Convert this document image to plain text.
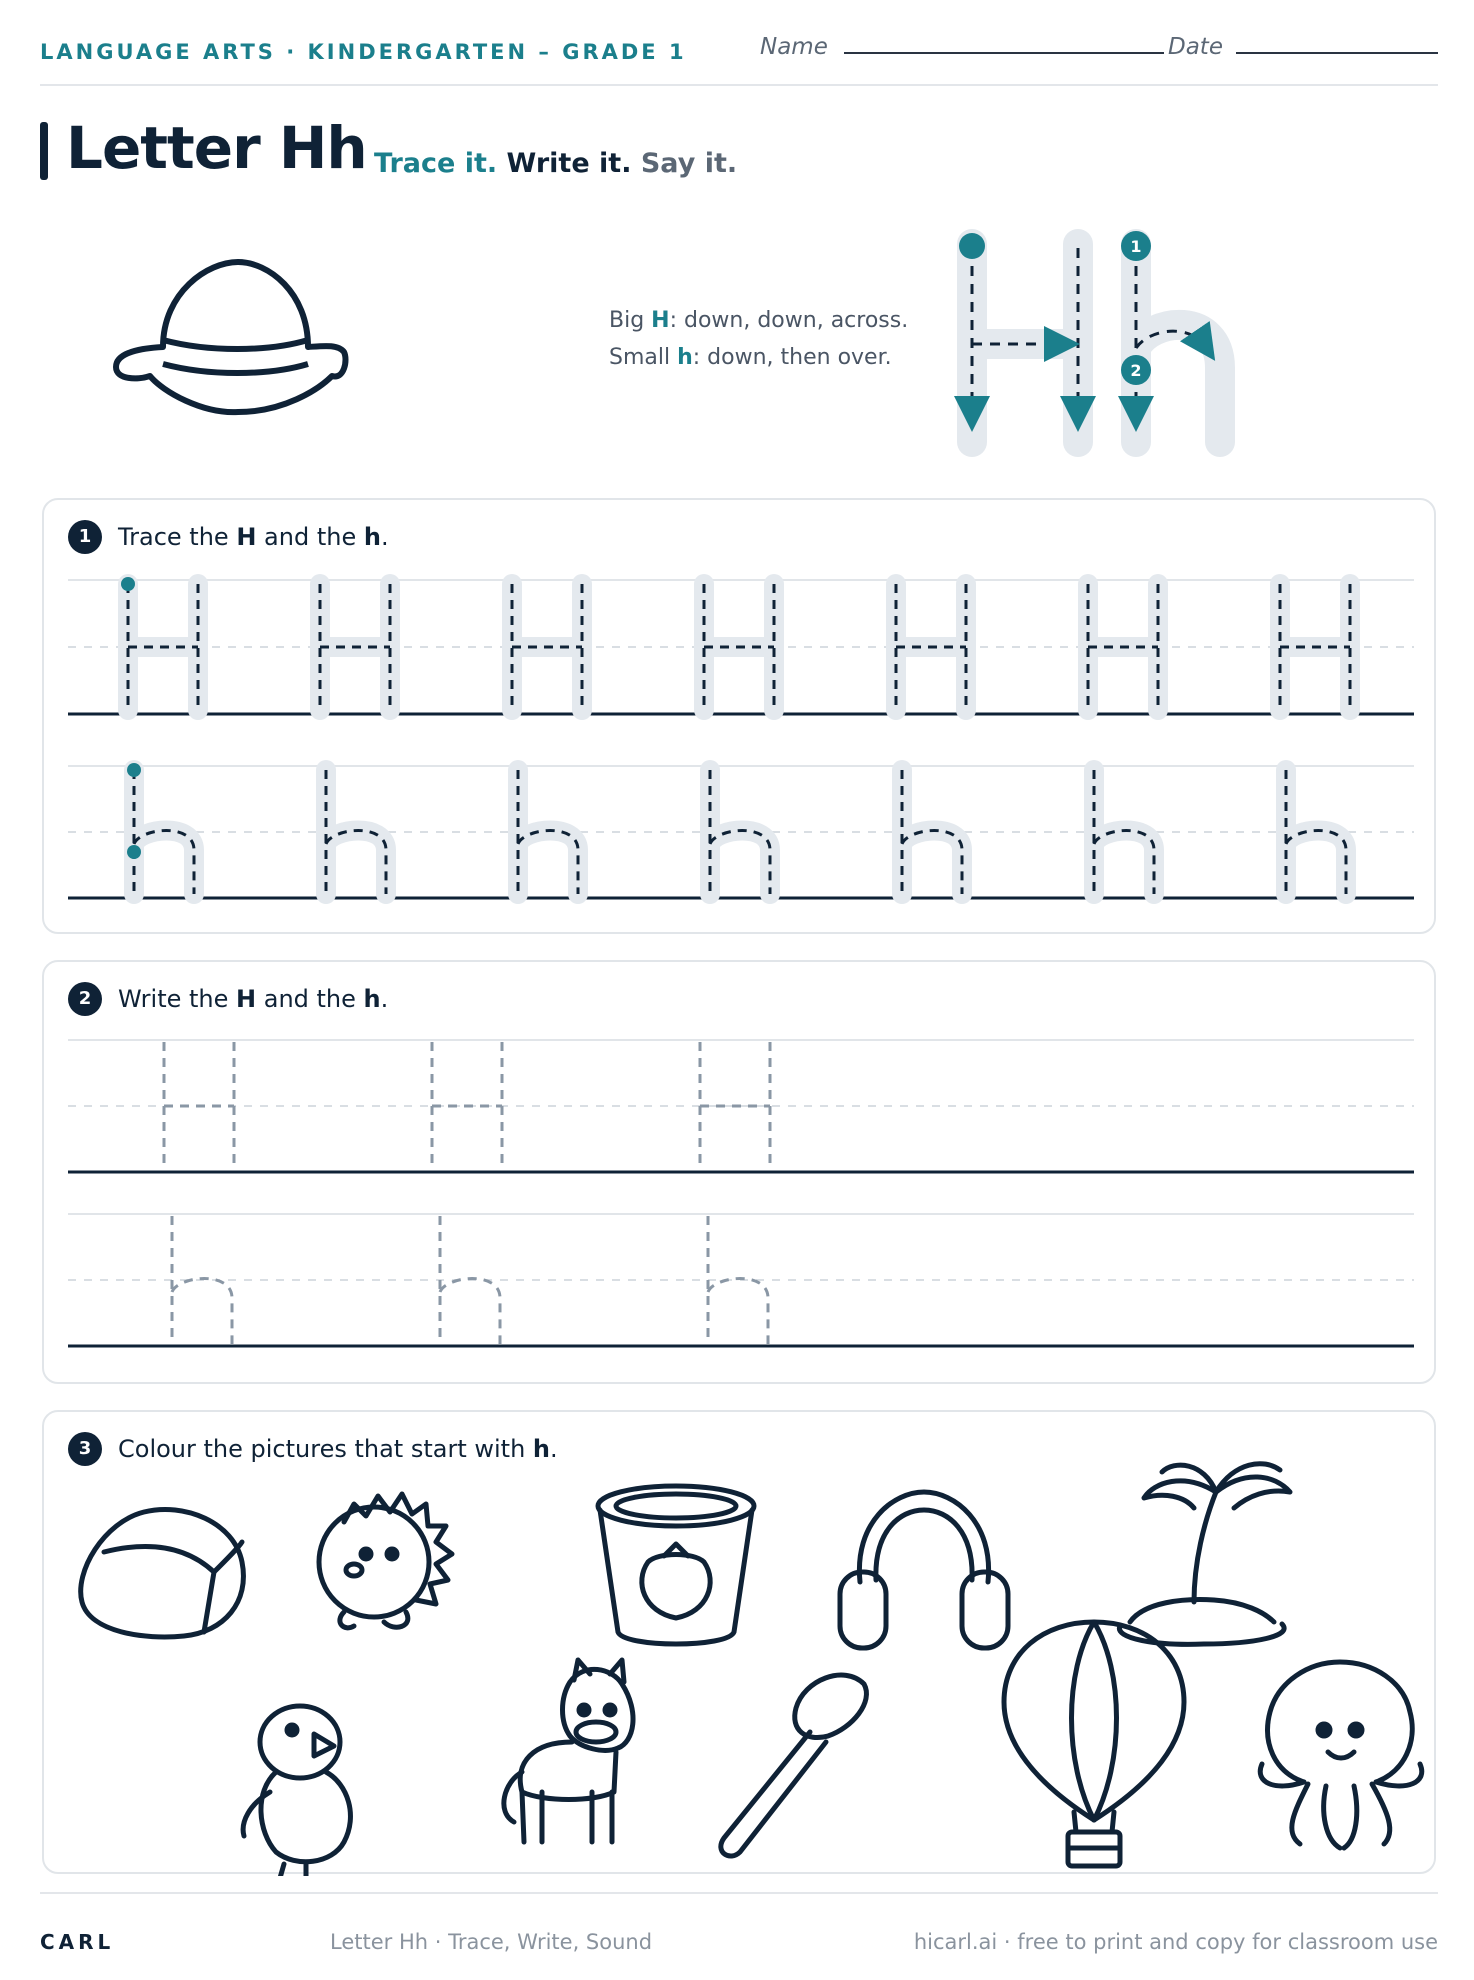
LANGUAGE ARTS · KINDERGARTEN – GRADE 1	Name	Date
Letter Hh Trace it. Write it. Say it.
Big H: down, down, across.
Small h: down, then over.
1
2
1	Trace the H and the h.
2	Write the H and the h.
3	Colour the pictures that start with h.
CARL	Letter Hh · Trace, Write, Sound	hicarl.ai · free to print and copy for classroom use
